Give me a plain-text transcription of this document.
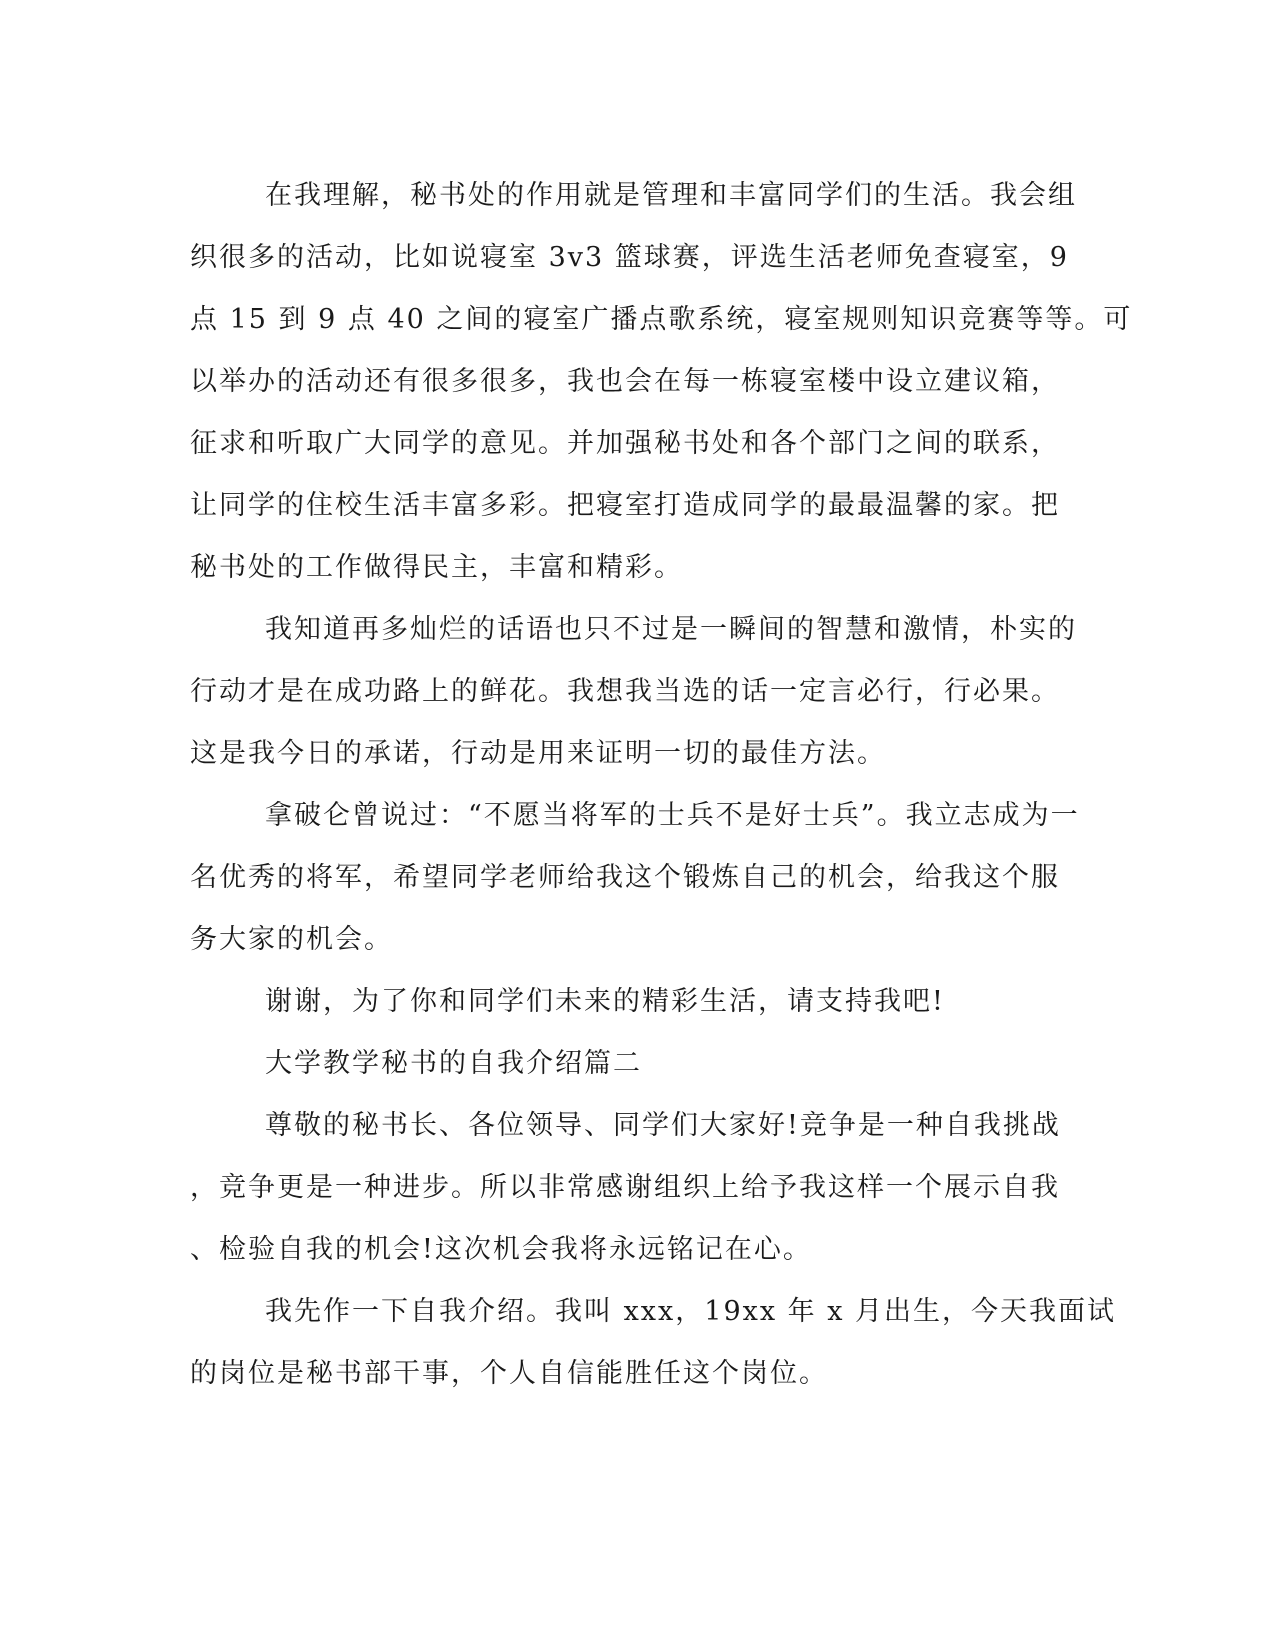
在我理解，秘书处的作用就是管理和丰富同学们的生活。我会组
织很多的活动，比如说寝室 3v3 篮球赛，评选生活老师免查寝室，9
点 15 到 9 点 40 之间的寝室广播点歌系统，寝室规则知识竞赛等等。可
以举办的活动还有很多很多，我也会在每一栋寝室楼中设立建议箱，
征求和听取广大同学的意见。并加强秘书处和各个部门之间的联系，
让同学的住校生活丰富多彩。把寝室打造成同学的最最温馨的家。把
秘书处的工作做得民主，丰富和精彩。
我知道再多灿烂的话语也只不过是一瞬间的智慧和激情，朴实的
行动才是在成功路上的鲜花。我想我当选的话一定言必行，行必果。
这是我今日的承诺，行动是用来证明一切的最佳方法。
拿破仑曾说过：“不愿当将军的士兵不是好士兵”。我立志成为一
名优秀的将军，希望同学老师给我这个锻炼自己的机会，给我这个服
务大家的机会。
谢谢，为了你和同学们未来的精彩生活，请支持我吧!
大学教学秘书的自我介绍篇二
尊敬的秘书长、各位领导、同学们大家好!竞争是一种自我挑战
，竞争更是一种进步。所以非常感谢组织上给予我这样一个展示自我
、检验自我的机会!这次机会我将永远铭记在心。
我先作一下自我介绍。我叫 xxx，19xx 年 x 月出生，今天我面试
的岗位是秘书部干事，个人自信能胜任这个岗位。
